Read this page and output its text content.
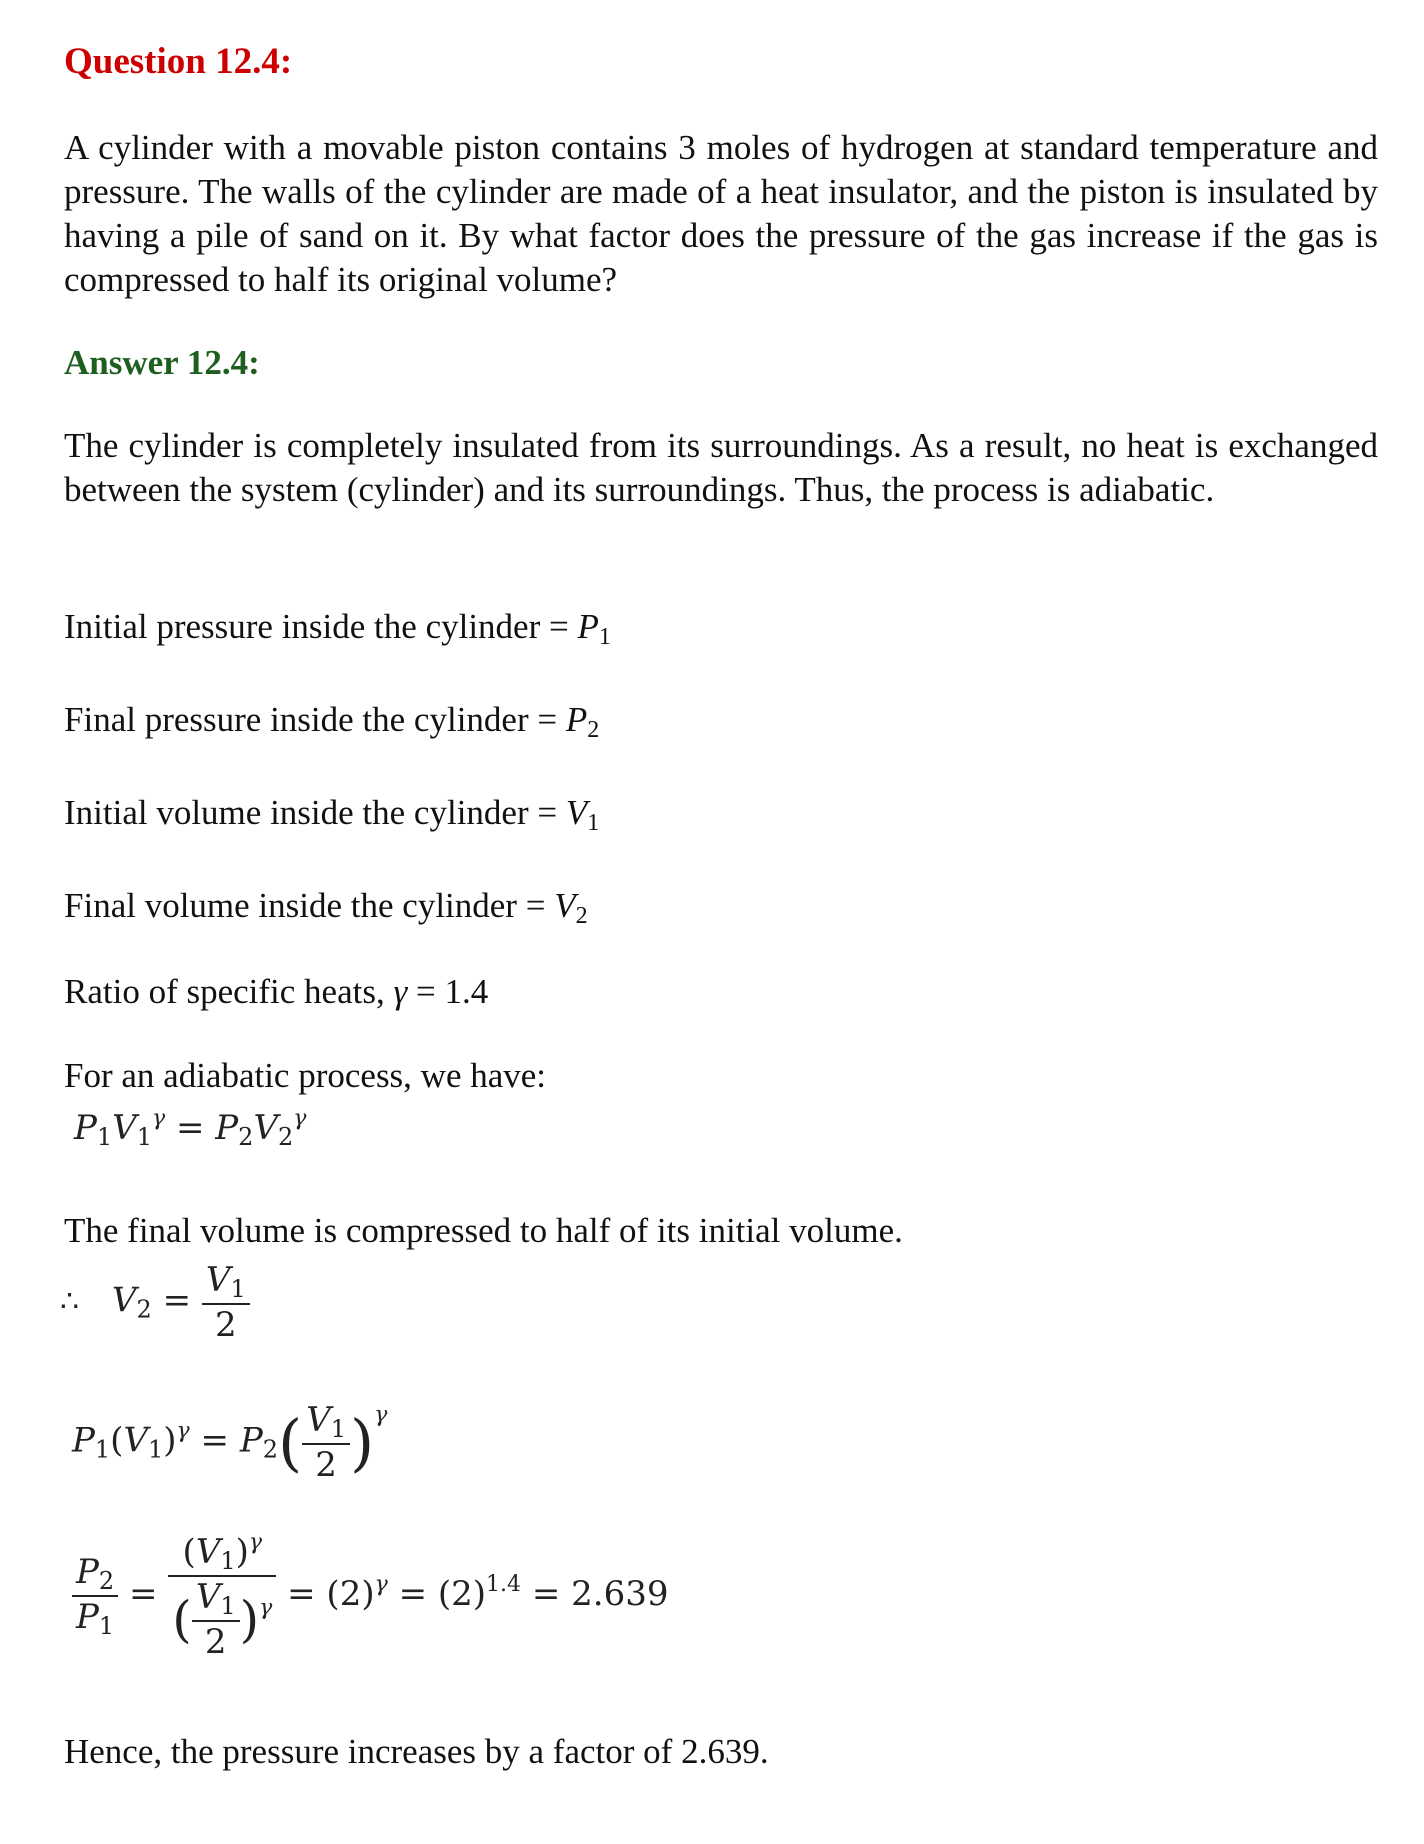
Question 12.4:
A cylinder with a movable piston contains 3 moles of hydrogen at standard temperature and pressure. The walls of the cylinder are made of a heat insulator, and the piston is insulated by having a pile of sand on it. By what factor does the pressure of the gas increase if the gas is compressed to half its original volume?
Answer 12.4:
The cylinder is completely insulated from its surroundings. As a result, no heat is exchanged between the system (cylinder) and its surroundings. Thus, the process is adiabatic.
Initial pressure inside the cylinder = $P_1$
Final pressure inside the cylinder = $P_2$
Initial volume inside the cylinder = $V_1$
Final volume inside the cylinder = $V_2$
Ratio of specific heats, γ = 1.4
For an adiabatic process, we have:
$P_1V_1^\gamma = P_2V_2^\gamma$
The final volume is compressed to half of its initial volume.
∴ $V_2 = \frac{V_1}{2}$
$P_1(V_1)^\gamma = P_2( \frac{V_1}{2} )^\gamma$
$\frac{P_2}{P_1} = \frac{(V_1)^\gamma}{( \frac{V_1}{2} )^\gamma} = (2)^\gamma = (2)^{1.4} = 2.639$
Hence, the pressure increases by a factor of 2.639.
